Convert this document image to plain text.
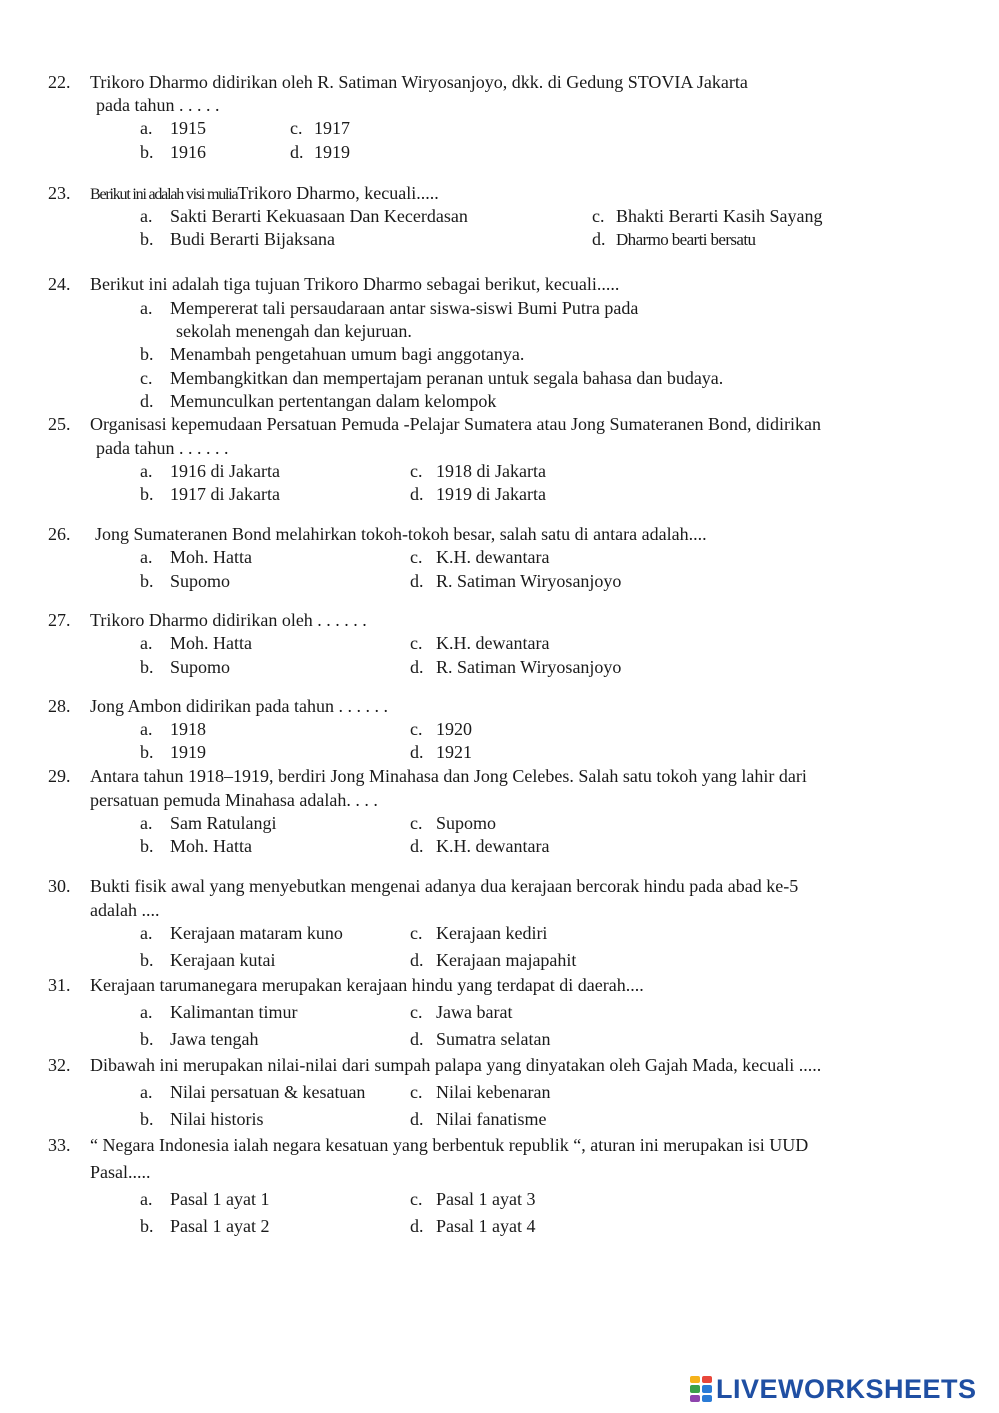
22. Trikoro Dharmo didirikan oleh R. Satiman Wiryosanjoyo, dkk. di Gedung STOVIA Jakarta
pada tahun . . . . .
a. 1915	c. 1917
b. 1916	d. 1919
23. Berikut ini adalah visi muliaTrikoro Dharmo, kecuali.....
a. Sakti Berarti Kekuasaan Dan Kecerdasan	c. Bhakti Berarti Kasih Sayang
b. Budi Berarti Bijaksana	d. Dharmo bearti bersatu
24. Berikut ini adalah tiga tujuan Trikoro Dharmo sebagai berikut, kecuali.....
a. Mempererat tali persaudaraan antar siswa-siswi Bumi Putra pada
sekolah menengah dan kejuruan.
b. Menambah pengetahuan umum bagi anggotanya.
c. Membangkitkan dan mempertajam peranan untuk segala bahasa dan budaya.
d. Memunculkan pertentangan dalam kelompok
25. Organisasi kepemudaan Persatuan Pemuda -Pelajar Sumatera atau Jong Sumateranen Bond, didirikan
pada tahun . . . . . .
a. 1916 di Jakarta	c. 1918 di Jakarta
b. 1917 di Jakarta	d. 1919 di Jakarta
26. Jong Sumateranen Bond melahirkan tokoh-tokoh besar, salah satu di antara adalah....
a. Moh. Hatta	c. K.H. dewantara
b. Supomo	d. R. Satiman Wiryosanjoyo
27. Trikoro Dharmo didirikan oleh . . . . . .
a. Moh. Hatta	c. K.H. dewantara
b. Supomo	d. R. Satiman Wiryosanjoyo
28. Jong Ambon didirikan pada tahun . . . . . .
a. 1918	c. 1920
b. 1919	d. 1921
29. Antara tahun 1918–1919, berdiri Jong Minahasa dan Jong Celebes. Salah satu tokoh yang lahir dari
persatuan pemuda Minahasa adalah. . . .
a. Sam Ratulangi	c. Supomo
b. Moh. Hatta	d. K.H. dewantara
30. Bukti fisik awal yang menyebutkan mengenai adanya dua kerajaan bercorak hindu pada abad ke-5
adalah ....
a. Kerajaan mataram kuno	c. Kerajaan kediri
b. Kerajaan kutai	d. Kerajaan majapahit
31. Kerajaan tarumanegara merupakan kerajaan hindu yang terdapat di daerah....
a. Kalimantan timur	c. Jawa barat
b. Jawa tengah	d. Sumatra selatan
32. Dibawah ini merupakan nilai-nilai dari sumpah palapa yang dinyatakan oleh Gajah Mada, kecuali .....
a. Nilai persatuan & kesatuan c. Nilai kebenaran
b. Nilai historis	d. Nilai fanatisme
33. “ Negara Indonesia ialah negara kesatuan yang berbentuk republik “, aturan ini merupakan isi UUD
Pasal.....
a. Pasal 1 ayat 1	c. Pasal 1 ayat 3
b. Pasal 1 ayat 2	d. Pasal 1 ayat 4
LIVEWORKSHEETS
